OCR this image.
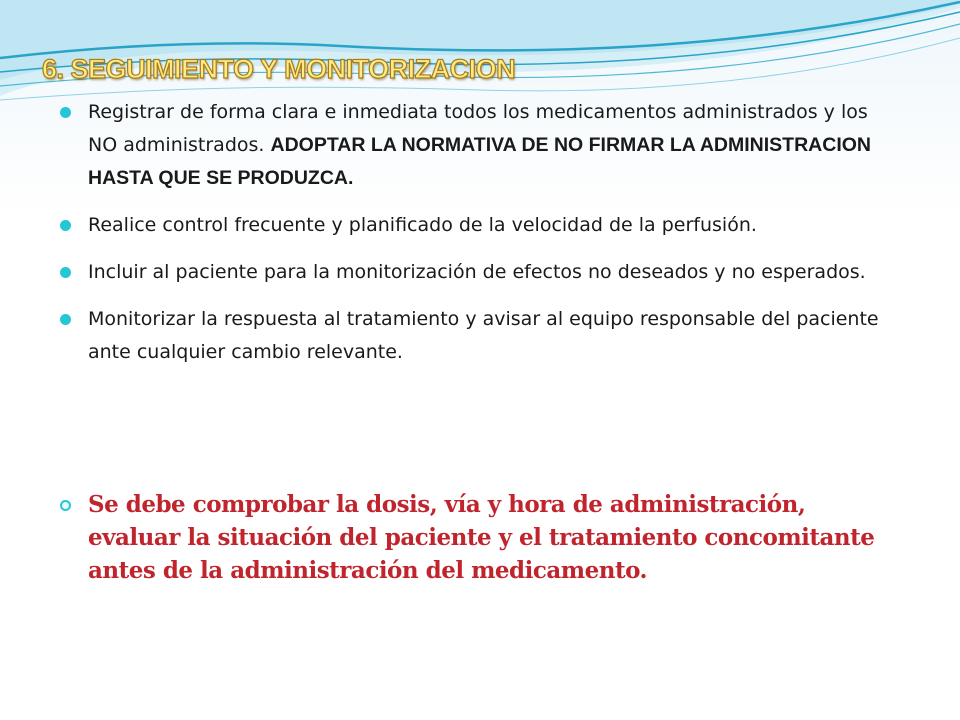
6. SEGUIMIENTO Y MONITORIZACION
Registrar de forma clara e inmediata todos los medicamentos administrados y los NO administrados. ADOPTAR LA NORMATIVA DE NO FIRMAR LA ADMINISTRACION HASTA QUE SE PRODUZCA.
Realice control frecuente y planificado de la velocidad de la perfusión.
Incluir al paciente para la monitorización de efectos no deseados y no esperados.
Monitorizar la respuesta al tratamiento y avisar al equipo responsable del paciente ante cualquier cambio relevante.
Se debe comprobar la dosis, vía y hora de administración, evaluar la situación del paciente y el tratamiento concomitante antes de la administración del medicamento.
